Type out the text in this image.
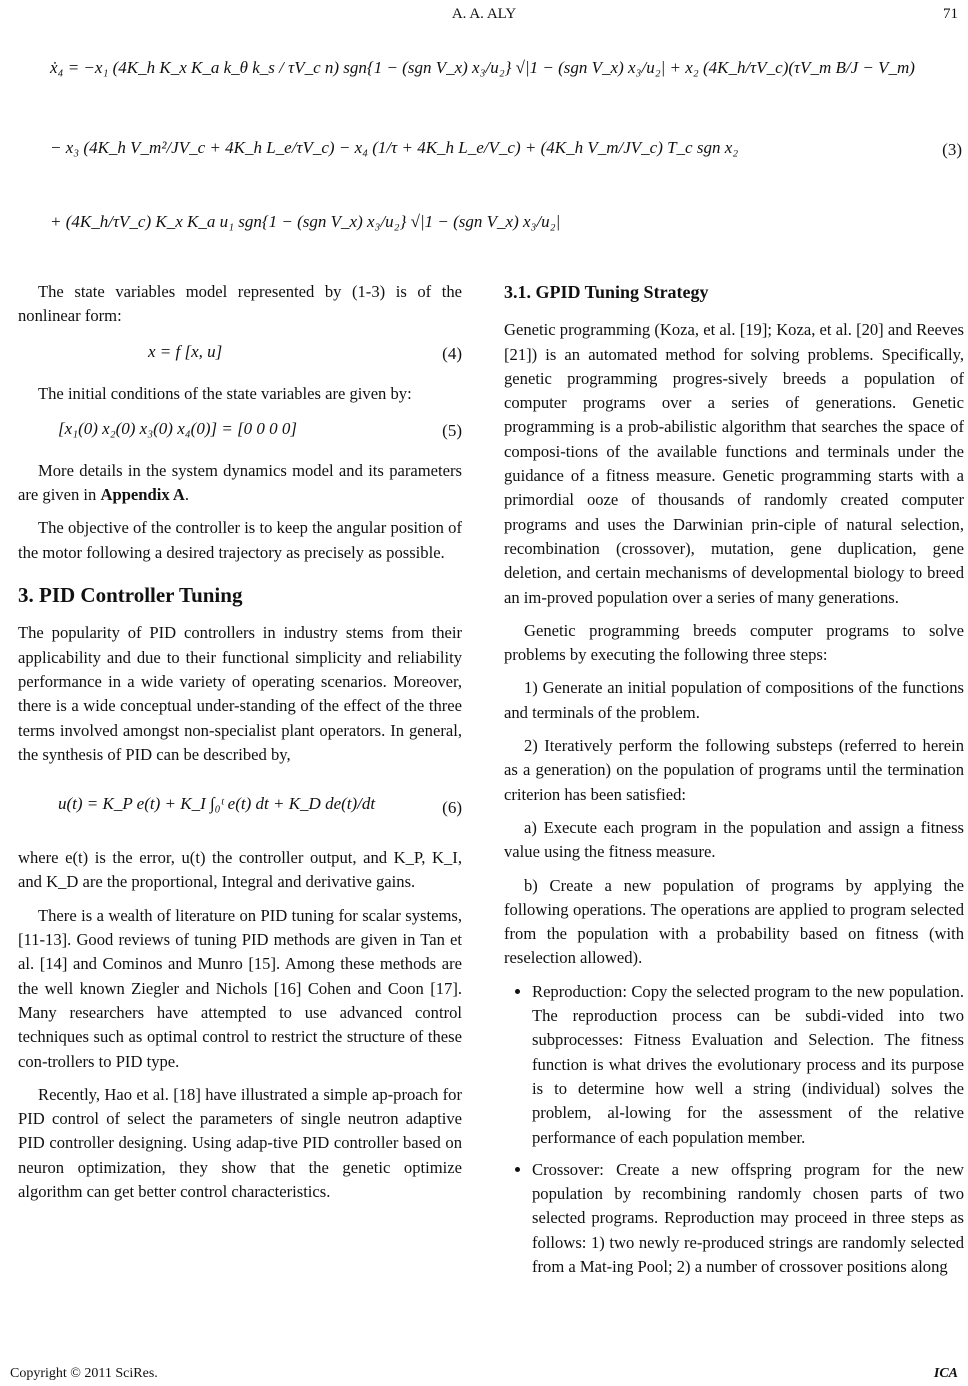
A. A. ALY	71
ẋ₄ = −x₁ (4K_h K_x K_a k_θ k_s / τV_c n) sgn{1 − (sgn V_x) x₃/u₂} √|1 − (sgn V_x) x₃/u₂| + x₂ (4K_h/τV_c)(τV_m B/J − V_m)
− x₃ (4K_h V_m²/JV_c + 4K_h L_e/τV_c) − x₄ (1/τ + 4K_h L_e/V_c) + (4K_h V_m/JV_c) T_c sgn x₂
+ (4K_h/τV_c) K_x K_a u₁ sgn{1 − (sgn V_x) x₃/u₂} √|1 − (sgn V_x) x₃/u₂|
(3)

The state variables model represented by (1-3) is of the nonlinear form:

x = f [x, u]	(4)

The initial conditions of the state variables are given by:

[x₁(0) x₂(0) x₃(0) x₄(0)] = [0 0 0 0]	(5)

More details in the system dynamics model and its parameters are given in Appendix A.

The objective of the controller is to keep the angular position of the motor following a desired trajectory as precisely as possible.

3. PID Controller Tuning

The popularity of PID controllers in industry stems from their applicability and due to their functional simplicity and reliability performance in a wide variety of operating scenarios. Moreover, there is a wide conceptual under-standing of the effect of the three terms involved amongst non-specialist plant operators. In general, the synthesis of PID can be described by,

u(t) = K_P e(t) + K_I ∫₀ᵗ e(t) dt + K_D de(t)/dt	(6)

where e(t) is the error, u(t) the controller output, and K_P, K_I, and K_D are the proportional, Integral and derivative gains.

There is a wealth of literature on PID tuning for scalar systems, [11-13]. Good reviews of tuning PID methods are given in Tan et al. [14] and Cominos and Munro [15]. Among these methods are the well known Ziegler and Nichols [16] Cohen and Coon [17]. Many researchers have attempted to use advanced control techniques such as optimal control to restrict the structure of these con-trollers to PID type.

Recently, Hao et al. [18] have illustrated a simple ap-proach for PID control of select the parameters of single neutron adaptive PID controller designing. Using adap-tive PID controller based on neuron optimization, they show that the genetic optimize algorithm can get better control characteristics.

3.1. GPID Tuning Strategy

Genetic programming (Koza, et al. [19]; Koza, et al. [20] and Reeves [21]) is an automated method for solving problems. Specifically, genetic programming progres-sively breeds a population of computer programs over a series of generations. Genetic programming is a prob-abilistic algorithm that searches the space of composi-tions of the available functions and terminals under the guidance of a fitness measure. Genetic programming starts with a primordial ooze of thousands of randomly created computer programs and uses the Darwinian prin-ciple of natural selection, recombination (crossover), mutation, gene duplication, gene deletion, and certain mechanisms of developmental biology to breed an im-proved population over a series of many generations.

Genetic programming breeds computer programs to solve problems by executing the following three steps:

1) Generate an initial population of compositions of the functions and terminals of the problem.

2) Iteratively perform the following substeps (referred to herein as a generation) on the population of programs until the termination criterion has been satisfied:

a) Execute each program in the population and assign a fitness value using the fitness measure.

b) Create a new population of programs by applying the following operations. The operations are applied to program selected from the population with a probability based on fitness (with reselection allowed).

• Reproduction: Copy the selected program to the new population. The reproduction process can be subdi-vided into two subprocesses: Fitness Evaluation and Selection. The fitness function is what drives the evolutionary process and its purpose is to determine how well a string (individual) solves the problem, al-lowing for the assessment of the relative performance of each population member.
• Crossover: Create a new offspring program for the new population by recombining randomly chosen parts of two selected programs. Reproduction may proceed in three steps as follows: 1) two newly re-produced strings are randomly selected from a Mat-ing Pool; 2) a number of crossover positions along
Copyright © 2011 SciRes.	ICA
